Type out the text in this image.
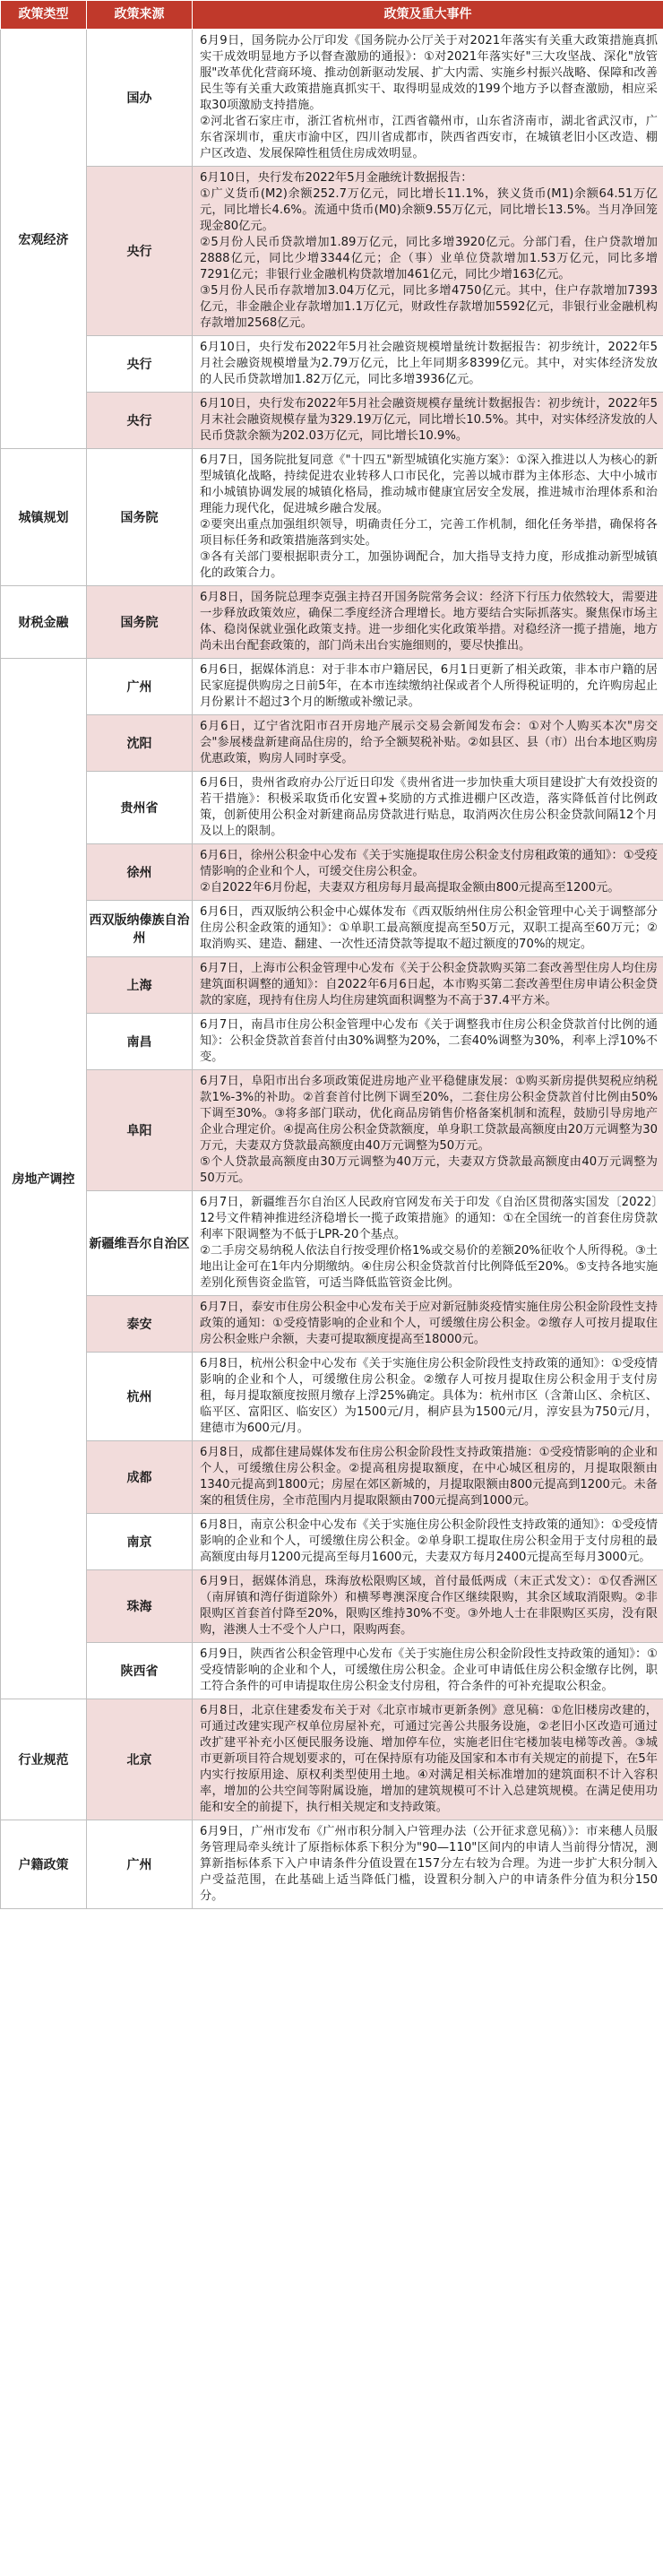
政策类型	政策来源	政策及重大事件
宏观经济	国办	6月9日，国务院办公厅印发《国务院办公厅关于对2021年落实有关重大政策措施真抓实干成效明显地方予以督查激励的通报》：①对2021年落实好"三大攻坚战、深化"放管服"改革优化营商环境、推动创新驱动发展、扩大内需、实施乡村振兴战略、保障和改善民生等有关重大政策措施真抓实干、取得明显成效的199个地方予以督查激励，相应采取30项激励支持措施。

②河北省石家庄市，浙江省杭州市，江西省赣州市，山东省济南市，湖北省武汉市，广东省深圳市，重庆市渝中区，四川省成都市，陕西省西安市，在城镇老旧小区改造、棚户区改造、发展保障性租赁住房成效明显。

	央行	6月10日，央行发布2022年5月金融统计数据报告：

①广义货币(M2)余额252.7万亿元，同比增长11.1%，狭义货币(M1)余额64.51万亿元，同比增长4.6%。流通中货币(M0)余额9.55万亿元，同比增长13.5%。当月净回笼现金80亿元。

②5月份人民币贷款增加1.89万亿元，同比多增3920亿元。分部门看，住户贷款增加2888亿元，同比少增3344亿元；企（事）业单位贷款增加1.53万亿元，同比多增7291亿元；非银行业金融机构贷款增加461亿元，同比少增163亿元。

③5月份人民币存款增加3.04万亿元，同比多增4750亿元。其中，住户存款增加7393亿元，非金融企业存款增加1.1万亿元，财政性存款增加5592亿元，非银行业金融机构存款增加2568亿元。

	央行	6月10日，央行发布2022年5月社会融资规模增量统计数据报告：初步统计，2022年5月社会融资规模增量为2.79万亿元，比上年同期多8399亿元。其中，对实体经济发放的人民币贷款增加1.82万亿元，同比多增3936亿元。

	央行	6月10日，央行发布2022年5月社会融资规模存量统计数据报告：初步统计，2022年5月末社会融资规模存量为329.19万亿元，同比增长10.5%。其中，对实体经济发放的人民币贷款余额为202.03万亿元，同比增长10.9%。

城镇规划	国务院	6月7日，国务院批复同意《"十四五"新型城镇化实施方案》：①深入推进以人为核心的新型城镇化战略，持续促进农业转移人口市民化，完善以城市群为主体形态、大中小城市和小城镇协调发展的城镇化格局，推动城市健康宜居安全发展，推进城市治理体系和治理能力现代化，促进城乡融合发展。

②要突出重点加强组织领导，明确责任分工，完善工作机制，细化任务举措，确保将各项目标任务和政策措施落到实处。

③各有关部门要根据职责分工，加强协调配合，加大指导支持力度，形成推动新型城镇化的政策合力。

财税金融	国务院	6月8日，国务院总理李克强主持召开国务院常务会议：经济下行压力依然较大，需要进一步释放政策效应，确保二季度经济合理增长。地方要结合实际抓落实。聚焦保市场主体、稳岗保就业强化政策支持。进一步细化实化政策举措。对稳经济一揽子措施，地方尚未出台配套政策的，部门尚未出台实施细则的，要尽快推出。

房地产调控	广州	6月6日，据媒体消息：对于非本市户籍居民，6月1日更新了相关政策，非本市户籍的居民家庭提供购房之日前5年，在本市连续缴纳社保或者个人所得税证明的，允许购房起止月份累计不超过3个月的断缴或补缴记录。

	沈阳	6月6日，辽宁省沈阳市召开房地产展示交易会新闻发布会：①对个人购买本次"房交会"参展楼盘新建商品住房的，给予全额契税补贴。②如县区、县（市）出台本地区购房优惠政策，购房人同时享受。

	贵州省	6月6日，贵州省政府办公厅近日印发《贵州省进一步加快重大项目建设扩大有效投资的若干措施》：积极采取货币化安置+奖励的方式推进棚户区改造，落实降低首付比例政策，创新使用公积金对新建商品房贷款进行贴息，取消两次住房公积金贷款间隔12个月及以上的限制。

	徐州	6月6日，徐州公积金中心发布《关于实施提取住房公积金支付房租政策的通知》：①受疫情影响的企业和个人，可缓交住房公积金。

②自2022年6月份起，夫妻双方租房每月最高提取金额由800元提高至1200元。

	西双版纳傣族自治州	6月6日，西双版纳公积金中心媒体发布《西双版纳州住房公积金管理中心关于调整部分住房公积金政策的通知》：①单职工最高额度提高至50万元，双职工提高至60万元；②取消购买、建造、翻建、一次性还清贷款等提取不超过额度的70%的规定。

	上海	6月7日，上海市公积金管理中心发布《关于公积金贷款购买第二套改善型住房人均住房建筑面积调整的通知》：自2022年6月6日起，本市购买第二套改善型住房申请公积金贷款的家庭，现持有住房人均住房建筑面积调整为不高于37.4平方米。

	南昌	6月7日，南昌市住房公积金管理中心发布《关于调整我市住房公积金贷款首付比例的通知》：公积金贷款首套首付由30%调整为20%，二套40%调整为30%，利率上浮10%不变。

	阜阳	6月7日，阜阳市出台多项政策促进房地产业平稳健康发展：①购买新房提供契税应纳税款1%-3%的补助。②首套首付比例下调至20%，二套住房公积金贷款首付比例由50%下调至30%。③将多部门联动，优化商品房销售价格备案机制和流程，鼓励引导房地产企业合理定价。④提高住房公积金贷款额度，单身职工贷款最高额度由20万元调整为30万元，夫妻双方贷款最高额度由40万元调整为50万元。

⑤个人贷款最高额度由30万元调整为40万元，夫妻双方贷款最高额度由40万元调整为50万元。

	新疆维吾尔自治区	6月7日，新疆维吾尔自治区人民政府官网发布关于印发《自治区贯彻落实国发〔2022〕12号文件精神推进经济稳增长一揽子政策措施》的通知：①在全国统一的首套住房贷款利率下限调整为不低于LPR-20个基点。

②二手房交易纳税人依法自行按受理价格1%或交易价的差额20%征收个人所得税。③土地出让金可在1年内分期缴纳。④住房公积金贷款首付比例降低至20%。⑤支持各地实施差别化预售资金监管，可适当降低监管资金比例。

	泰安	6月7日，泰安市住房公积金中心发布关于应对新冠肺炎疫情实施住房公积金阶段性支持政策的通知：①受疫情影响的企业和个人，可缓缴住房公积金。②缴存人可按月提取住房公积金账户余额，夫妻可提取额度提高至18000元。

	杭州	6月8日，杭州公积金中心发布《关于实施住房公积金阶段性支持政策的通知》：①受疫情影响的企业和个人，可缓缴住房公积金。②缴存人可按月提取住房公积金用于支付房租，每月提取额度按照月缴存上浮25%确定。具体为：杭州市区（含萧山区、余杭区、临平区、富阳区、临安区）为1500元/月，桐庐县为1500元/月，淳安县为750元/月，建德市为600元/月。

	成都	6月8日，成都住建局媒体发布住房公积金阶段性支持政策措施：①受疫情影响的企业和个人，可缓缴住房公积金。②提高租房提取额度，在中心城区租房的，月提取限额由1340元提高到1800元；房屋在郊区新城的，月提取限额由800元提高到1200元。未备案的租赁住房，全市范围内月提取限额由700元提高到1000元。

	南京	6月8日，南京公积金中心发布《关于实施住房公积金阶段性支持政策的通知》：①受疫情影响的企业和个人，可缓缴住房公积金。②单身职工提取住房公积金用于支付房租的最高额度由每月1200元提高至每月1600元，夫妻双方每月2400元提高至每月3000元。

	珠海	6月9日，据媒体消息，珠海放松限购区域，首付最低两成（末正式发文）：①仅香洲区（南屏镇和湾仔街道除外）和横琴粤澳深度合作区继续限购，其余区域取消限购。②非限购区首套首付降至20%，限购区维持30%不变。③外地人士在非限购区买房，没有限购，港澳人士不受个人户口，限购两套。

	陕西省	6月9日，陕西省公积金管理中心发布《关于实施住房公积金阶段性支持政策的通知》：①受疫情影响的企业和个人，可缓缴住房公积金。企业可申请低住房公积金缴存比例，职工符合条件的可申请提取住房公积金支付房租，符合条件的可补充提取公积金。

行业规范	北京	6月8日，北京住建委发布关于对《北京市城市更新条例》意见稿：①危旧楼房改建的，可通过改建实现产权单位房屋补充，可通过完善公共服务设施，②老旧小区改造可通过改扩建平补充小区便民服务设施、增加停车位，实施老旧住宅楼加装电梯等改善。③城市更新项目符合规划要求的，可在保持原有功能及国家和本市有关规定的前提下，在5年内实行按原用途、原权利类型使用土地。④对满足相关标准增加的建筑面积不计入容积率，增加的公共空间等附属设施，增加的建筑规模可不计入总建筑规模。在满足使用功能和安全的前提下，执行相关规定和支持政策。

户籍政策	广州	6月9日，广州市发布《广州市积分制入户管理办法（公开征求意见稿）》：市来穗人员服务管理局牵头统计了原指标体系下积分为"90—110"区间内的申请人当前得分情况，测算新指标体系下入户申请条件分值设置在157分左右较为合理。为进一步扩大积分制入户受益范围，在此基础上适当降低门槛，设置积分制入户的申请条件分值为积分150分。
